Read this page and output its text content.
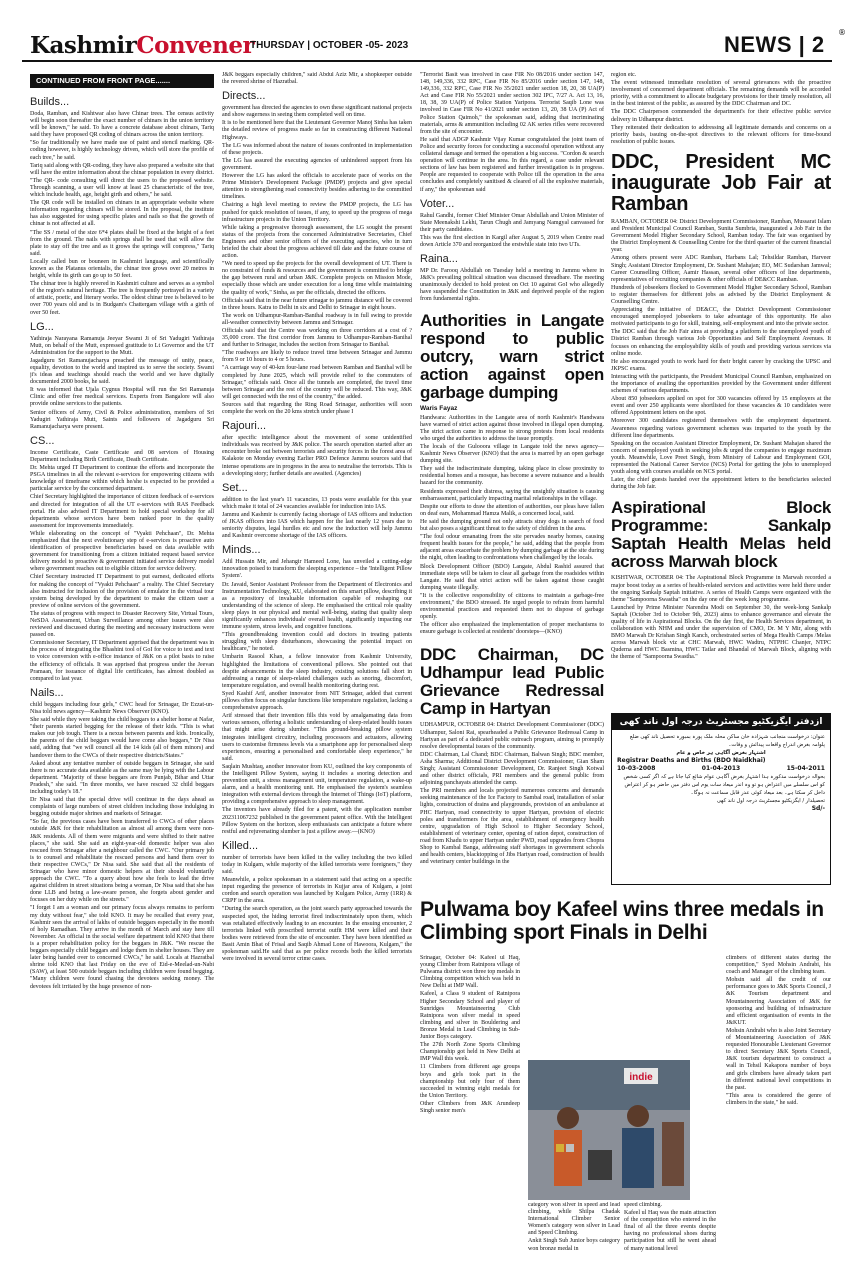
KashmirConvener
THURSDAY | OCTOBER -05- 2023	NEWS | 2 ®
CONTINUED FROM FRONT PAGE.......
Builds...

Doda, Ramban, and Kishtwar also have Chinar trees. The census activity will begin soon thereafter the exact number of chinars in the union territory will be known," he said. To have a concrete database about chinars, Tariq said they have proposed QR coding of chinars across the union territory.

"So far traditionally we have made use of paint and stencil marking. QR-coding however, is highly technology driven, which will store the profile of each tree," he said.

Tariq said along with QR-coding, they have also prepared a website site that will have the entire information about the chinar population in every district.

"The QR- code consulting will direct the users to the proposed website. Through scanning, a user will know at least 25 characteristic of the tree, which include health, age, height girth and others," he said.

The QR code will be installed on chinars in an appropriate website where information regarding chinars will be stored. In the proposal, the institute has also suggested for using specific plates and nails so that the growth of chinar is not affected at all.

"The SS / metal of the size 6*4 plates shall be fixed at the height of a feet from the ground. The nails with springs shall be used that will allow the plate to stay off the tree and as it grows the springs will compress," Tariq said.

Locally called bun or bouneen in Kashmiri language, and scientifically known as the Platanus orientalis, the chinar tree grows over 20 metres in height, while its girth can go up to 50 feet.

The chinar tree is highly revered in Kashmiri culture and serves as a symbol of the region's natural heritage. The tree is frequently portrayed in a variety of artistic, poetic, and literary works. The oldest chinar tree is believed to be over 700 years old and is in Budgam's Chattergam village with a girth of over 50 feet.

LG...

Yathiraja Narayana Ramanuja Jeeyar Swami Ji of Sri Yadugiri Yathiraja Mutt, on behalf of the Mutt, expressed gratitude to Lt Governor and the UT Administration for the support to the Mutt.

Jagadguru Sri Ramanujacharya preached the message of unity, peace, equality, devotion to the world and inspired us to serve the society. Swami ji's ideas and teachings should reach the world and we have digitally documented 2000 books, he said.

It was informed that Ujala Cygnus Hospital will run the Sri Ramanuja Clinic and offer free medical services. Experts from Bangalore will also provide online services to the patients.

Senior officers of Army, Civil & Police administration, members of Sri Yadugiri Yathiraja Mutt, Saints and followers of Jagadguru Sri Ramanujacharya were present.

CS...

Income Certificate, Caste Certificate and 08 services of Housing Department including Birth Certificate, Death Certificate.

Dr. Mehta urged IT Department to continue the efforts and incorporate the PSGA timelines in all the relevant e-services for empowering citizens with knowledge of timeframe within which he/she is expected to be provided a particular service by the concerned department.

Chief Secretary highlighted the importance of citizen feedback of e-services and directed for integration of all the UT e-services with RAS Feedback portal. He also advised IT Department to hold special workshop for all departments whose services have been ranked poor in the quality assessment for improvements immediately.

While elaborating on the concept of "Vyakti Pehchaan", Dr. Mehta emphasized that the next evolutionary step of e-services is proactive auto identification of prospective beneficiaries based on data available with government for transitioning from a citizen initiated request based service delivery model to proactive & government initiated service delivery model where government reaches out to eligible citizen for service delivery.

Chief Secretary instructed IT Department to put earnest, dedicated efforts for making the concept of "Vyakti Pehchaan" a reality. The Chief Secretary also instructed for inclusion of the provision of emulator in the virtual tour system being developed by the department to make the citizen user a preview of online services of the government.

The status of progress with respect to Disaster Recovery Site, Virtual Tours, NeSDA Assessment, Urban Surveillance among other issues were also reviewed and discussed during the meeting and necessary instructions were passed on.

Commissioner Secretary, IT Department apprised that the department was in the process of integrating the Bhashini tool of GoI for voice to text and text to voice conversion with e-office instance of J&K on a pilot basis to raise the efficiency of officials. It was apprised that progress under the Jeevan Pramaan, for issuance of digital life certificates, has almost doubled as compared to last year.

Nails...

child beggars including four girls," CWC head for Srinagar, Dr Ezzat-un-Nisa told news agency—Kashmir News Observer (KNO).

She said while they were taking the child beggars to a shelter home at Nafar, "their parents started begging for the release of their kids. "This is what makes our job tough. There is a nexus between parents and kids. Ironically, the parents of the child beggars would have come also beggars," Dr Nisa said, adding that "we will council all the 14 kids (all of them minors) and handover them to the CWCs of their respective districts/States."

Asked about any tentative number of outside beggars in Srinagar, she said there is no accurate data available as the same may be lying with the Labour department. "Majority of these beggars are from Punjab, Bihar and Uttar Pradesh," she said. "In three months, we have rescued 32 child beggars including today's 18."

Dr Nisa said that the special drive will continue in the days ahead as complaints of large numbers of street children including those indulging in begging outside major shrines and markets of Srinagar.

"So far, the previous cases have been transferred to CWCs of other places outside J&K for their rehabilitation as almost all among them were non-J&K residents. All of them were migrants and were shifted to their native places," she said. She said an eight-year-old domestic helper was also rescued from Srinagar after a neighbour called the CWC. "Our primary job is to counsel and rehabilitate the rescued persons and hand them over to their respective CWCs," Dr Nisa said. She said that all the residents of Srinagar who have minor domestic helpers at their should voluntarily approach the CWC. "To a query about how she feels to lead the drive against children in street situations being a woman, Dr Nisa said that she has done LLB and being a law-aware person, she forgets about gender and focuses on her duty while on the streets."

"I forget I am a woman and our primary focus always remains to perform my duty without fear," she told KNO. It may be recalled that every year, Kashmir sees the arrival of lakhs of outside beggars especially in the month of holy Ramadhan. They arrive in the month of March and stay here till November. An official in the social welfare department told KNO that there is a proper rehabilitation policy for the beggars in J&K. "We rescue the beggars especially child beggars and lodge them in shelter houses. They are later being handed over to concerned CWCs," he said. Locals at Hazratbal shrine told KNO that last Friday on the eve of Eid-e-Meelad-un-Nabi (SAW), at least 500 outside beggars including children were found begging. "Many children were found chasing the devotees seeking money. The devotees felt irritated by the huge presence of non-

J&K beggars especially children," said Abdul Aziz Mir, a shopkeeper outside the revered shrine of Hazratbal.

Directs...

government has directed the agencies to own these significant national projects and show eagerness in seeing them completed well on time.

It is to be mentioned here that the Lieutenant Governor Manoj Sinha has taken the detailed review of progress made so far in constructing different National Highways.

The LG was informed about the nature of issues confronted in implementation of these projects.

The LG has assured the executing agencies of unhindered support from his government.

However the LG has asked the officials to accelerate pace of works on the Prime Minister's Development Package (PMDP) projects and give special attention to strengthening road connectivity besides adhering to the committed timelines.

Chairing a high level meeting to review the PMDP projects, the LG has pushed for quick resolution of issues, if any, to speed up the progress of mega infrastructure projects in the Union Territory.

While taking a progressive thorough assessment, the LG sought the present status of the projects from the concerned Administrative Secretaries, Chief Engineers and other senior officers of the executing agencies, who in turn briefed the chair about the progress achieved till date and the future course of action.

"We need to speed up the projects for the overall development of UT. There is no constraint of funds & resources and the government is committed to bridge the gap between rural and urban J&K. Complete projects on Mission Mode, especially those which are under execution for a long time while maintaining the quality of work," Sinha, as per the officials, directed the officers.

Officials said that in the near future srinagar to jammu distance will be covered in three hours. Katra to Delhi in six and Delhi to Srinagar in eight hours.

The work on Udhampur-Ramban-Banihal roadway is in full swing to provide all-weather connectivity between Jammu and Srinagar.

Officials said that the Centre was working on three corridors at a cost of ?35,000 crore. The first corridor from Jammu to Udhampur-Ramban-Banihal and further to Srinagar, includes the section from Srinagar to Banihal.

"The roadways are likely to reduce travel time between Srinagar and Jammu from 9 or 10 hours to 4 or 5 hours.

"A carriage way of 40-km four-lane road between Ramban and Banihal will be completed by June 2025, which will provide relief to the commuters of Srinagar," officials said. Once all the tunnels are completed, the travel time between Srinagar and the rest of the country will be reduced. This way, J&K will get connected with the rest of the country," the added.

Sources said that regarding the Ring Road Srinagar, authorities will soon complete the work on the 20 kms stretch under phase I

Rajouri...

after specific intelligence about the movement of some unidentified individuals was received by J&K police. The search operation started after an encounter broke out between terrorists and security forces in the forest area of Kalakote on Monday evening Earlier PRO Defence Jammu sources said that intense operations are in progress in the area to neutralise the terrorists. This is a developing story; further details are awaited. (Agencies)

Set...

addition to the last year's 11 vacancies, 13 posts were available for this year which make it total of 24 vacancies available for induction into IAS.

Jammu and Kashmir is currently facing shortage of IAS officers and induction of JKAS officers into IAS which happen for the last nearly 12 years due to seniority disputes, legal hurdles etc and now the induction will help Jammu and Kashmir overcome shortage of the IAS officers.

Minds...

Adil Hussain Mir, and Jehangir Hameed Lone, has unveiled a cutting-edge innovation poised to transform the sleeping experience – the 'Intelligent Pillow System'.

Dr. Javaid, Senior Assistant Professor from the Department of Electronics and Instrumentation Technology, KU, elaborated on this smart pillow, describing it as a repository of invaluable information capable of reshaping our understanding of the science of sleep. He emphasised the critical role quality sleep plays in our physical and mental well-being, stating that quality sleep significantly enhances individuals' overall health, significantly impacting our immune system, stress levels, and cognitive functions.

"This groundbreaking invention could aid doctors in treating patients struggling with sleep disturbances, showcasing the potential impact on healthcare," he noted.

Umbarin Rasool Khan, a fellow innovator from Kashmir University, highlighted the limitations of conventional pillows. She pointed out that despite advancements in the sleep industry, existing solutions fall short in addressing a range of sleep-related challenges such as snoring, discomfort, temperature regulation, and overall health monitoring during rest.

Syed Kashif Arif, another innovator from NIT Srinagar, added that current pillows often focus on singular functions like temperature regulation, lacking a comprehensive approach.

Arif stressed that their invention fills this void by amalgamating data from various sensors, offering a holistic understanding of sleep-related health issues that might arise during slumber. "This ground-breaking pillow system integrates intelligent circuitry, including processors and actuators, allowing users to customise firmness levels via a smartphone app for personalised sleep experiences, ensuring a personalised and comfortable sleep experience," he said.

Saqlain Mushtaq, another innovator from KU, outlined the key components of the Intelligent Pillow System, saying it includes a snoring detection and prevention unit, a stress management unit, temperature regulation, a wake-up alarm, and a health monitoring unit. He emphasised the system's seamless integration with external devices through the Internet of Things (IoT) platform, providing a comprehensive approach to sleep management.

The inventors have already filed for a patent, with the application number 202311067232 published in the government patent office. With the Intelligent Pillow System on the horizon, sleep enthusiasts can anticipate a future where restful and rejuvenating slumber is just a pillow away.—(KNO)

Killed...

number of terrorists have been killed in the valley including the two killed today in Kulgam, while majority of the killed terrorists were foreigners," they said.

Meanwhile, a police spokesman in a statement said that acting on a specific input regarding the presence of terrorists in Kujjar area of Kulgam, a joint cordon and search operation was launched by Kulgam Police, Army (1RR) & CRPF in the area.

"During the search operation, as the joint search party approached towards the suspected spot, the hiding terrorist fired indiscriminately upon them, which was retaliated effectively leading to an encounter. In the ensuing encounter, 2 terrorists linked with proscribed terrorist outfit HM were killed and their bodies were retrieved from the site of encounter. They have been identified as Basit Amin Bhat of Frisal and Saqib Ahmad Lone of Hawoora, Kulgam," the spokesman said.He said that as per police records both the killed terrorists were involved in several terror crime cases.

"Terrorist Basit was involved in case FIR No 08/2016 under section 147, 148, 149,336, 332 RPC, Case FIR No 85/2016 under section 147, 148, 149,336, 332 RPC, Case FIR No 35/2021 under section 18, 20, 38 UA(P) Act and Case FIR No 55/2021 under section 302 IPC, 7/27 A. Act 13, 16, 18, 38, 39 UA(P) of Police Station Yaripora. Terrorist Saqib Lone was involved in Case FIR No 41/2021 under section 13, 20, 38 UA (P) Act of Police Station Qaimoh," the spokesman said, adding that incriminating materials, arms & ammunition including 02 AK series rifles were recovered from the site of encounter.

He said that ADGP Kashmir Vijay Kumar congratulated the joint team of Police and security forces for conducting a successful operation without any collateral damage and termed the operation a big success. "Cordon & search operation will continue in the area. In this regard, a case under relevant sections of law has been registered and further investigation is in progress. People are requested to cooperate with Police till the operation in the area concludes and completely sanitised & cleared of all the explosive materials, if any," the spokesman said

Voter...

Rahul Gandhi, former Chief Minister Omar Abdullah and Union Minister of State Meenakshi Lekhi, Tarun Chugh and Jamyang Namgyal canvassed for their party candidates.

This was the first election in Kargil after August 5, 2019 when Centre read down Article 370 and reorganized the erstwhile state into two UTs.

Raina...

MP Dr. Farooq Abdullah on Tuesday held a meeting in Jammu where in J&K's prevailing political situation was discussed threadbare. The meeting unanimously decided to hold protest on Oct 10 against GoI who allegedly have suspended the Constitution in J&K and deprived people of the region from fundamental rights.

Authorities in Langate respond to public outcry, warn strict action against open garbage dumping
Waris Fayaz

Handwara: Authorities in the Langate area of north Kashmir's Handwara have warned of strict action against those involved in illegal open dumping. The strict action came in response to strong protests from local residents who urged the authorities to address the issue promptly.

The locals of the Gulooora village in Langate told the news agency—Kashmir News Observer (KNO) that the area is marred by an open garbage dumping site.

They said the indiscriminate dumping, taking place in close proximity to residential homes and a mosque, has become a severe nuisance and a health hazard for the community.

Residents expressed their distress, saying the unsightly situation is causing embarrassment, particularly impacting marital relationships in the village.

Despite our efforts to draw the attention of authorities, our pleas have fallen on deaf ears, Mohammad Hamza Malik, a concerned local, said.

He said the dumping ground not only attracts stray dogs in search of food but also poses a significant threat to the safety of children in the area.

"The foul odour emanating from the site pervades nearby homes, causing frequent health issues for the people," he said, adding that the people from adjacent areas exacerbate the problem by dumping garbage at the site during the night, often leading to confrontations when challenged by the locals.

Block Development Officer (BDO) Langate, Abdul Rashid assured that immediate steps will be taken to clear all garbage from the roadsides within Langate. He said that strict action will be taken against those caught dumping waste illegally.

"It is the collective responsibility of citizens to maintain a garbage-free environment," the BDO stressed. He urged people to refrain from harmful environmental practices and requested them not to dispose of garbage openly.

The officer also emphasized the implementation of proper mechanisms to ensure garbage is collected at residents' doorsteps—(KNO)

DDC Chairman, DC Udhampur lead Public Grievance Redressal Camp in Hartyan

UDHAMPUR, OCTOBER 04: District Development Commissioner (DDC) Udhampur, Saloni Rai, spearheaded a Public Grievance Redressal Camp in Hartyan as part of a dedicated public outreach program, aiming to promptly resolve developmental issues of the community.

DDC Chairman, Lal Chand; BDC Chairman, Balwan Singh; BDC member, Asha Sharma; Additional District Development Commissioner, Gian Sham Singh; Assistant Commissioner Development, Dr. Ranjeet Singh Kotwal and other district officials, PRI members and the general public from adjoining panchayats attended the camp.

The PRI members and locals projected numerous concerns and demands seeking maintenance of the Ice Factory to Sambal road, installation of solar lights, construction of drains and playgrounds, provision of an ambulance at PHC Hartyan, road connectivity to upper Hartyan, provision of electric poles and transformers for the area, establishment of emergency health centre, upgradation of High School to Higher Secondary School, establishment of veterinary center, opening of ration depot, construction of road from Khadu to upper Hartyan under PWD, road upgrades from Chopra Shop to Kambal Banga, addressing staff shortages in government schools and health centers, blacktopping of Jibs Hartyan road, construction of health and veterinary center buildings in the

region etc.

The event witnessed immediate resolution of several grievances with the proactive involvement of concerned department officials. The remaining demands will be accorded priority, with a commitment to allocate budgetary provisions for their timely resolution, all in the best interest of the public, as assured by the DDC Chairman and DC.

The DDC Chairperson commended the department's for their effective public service delivery in Udhampur district.

They reiterated their dedication to addressing all legitimate demands and concerns on a priority basis, issuing on-the-spot directives to the relevant officers for time-bound resolution of public issues.

DDC, President MC inaugurate Job Fair at Ramban

RAMBAN, OCTOBER 04: District Development Commissioner, Ramban, Mussarat Islam and President Municipal Council Ramban, Sunita Sumbria, inaugurated a Job Fair in the Government Model Higher Secondary School, Ramban today. The fair was organised by the District Employment & Counselling Centre for the third quarter of the current financial year.

Among others present were ADC Ramban, Harbans Lal; Tehsildar Ramban, Harveer Singh; Assistant Director Employment, Dr. Sushant Mahajan; EO, MC Sudarshan Jamwal; Career Counselling Officer, Aamir Hassan, several other officers of line departments, representatives of recruiting companies & other officials of DE&CC Ramban.

Hundreds of jobseekers flocked to Government Model Higher Secondary School, Ramban to register themselves for different jobs as advised by the District Employment & Counselling Centre.

Appreciating the initiative of DE&CC, the District Development Commissioner encouraged unemployed jobseekers to take advantage of this opportunity. He also motivated participants to go for skill, training, self-employment and into the private sector.

The DDC said that the Job Fair aims at providing a platform to the unemployed youth of District Ramban through various Job Opportunities and Self Employment Avenues. It focuses on enhancing the employability skills of youth and providing various services via online mode.

He also encouraged youth to work hard for their bright career by cracking the UPSC and JKPSC exams.

Interacting with the participants, the President Municipal Council Ramban, emphasized on the importance of availing the opportunities provided by the Government under different schemes of various departments.

About 850 jobseekers applied on spot for 300 vacancies offered by 15 employers at the event and over 250 applicants were shortlisted for these vacancies & 10 candidates were offered Appointment letters on the spot.

Moreover 300 candidates registered themselves with the employment department. Awareness regarding various government schemes was imparted to the youth by the different line departments.

Speaking on the occasion Assistant Director Employment, Dr. Sushant Mahajan shared the concern of unemployed youth in seeking jobs & urged the companies to engage maximum youth. Meanwhile, Love Preet Singh, from Ministry of Labour and Employment GOI, represented the National Career Service (NCS) Portal for getting the jobs to unemployed youth along with courses available on NCS portal.

Later, the chief guests handed over the appointment letters to the beneficiaries selected during the Job fair.

Aspirational Block Programme: Sankalp Saptah Health Melas held across Marwah block

KISHTWAR, OCTOBER 04: The Aspirational Block Programme in Marwah recorded a major boost today as a series of health-related services and activities were held there under the ongoing Sankalp Saptah initiative. A series of Health Camps were organized with the theme "Sampoorna Swastha" on the day one of the week long programme.

Launched by Prime Minister Narendra Modi on September 30, the week-long Sankalp Saptah (October 3rd to October 9th, 2023) aims to enhance governance and elevate the quality of life in Aspirational Blocks. On the day first, the Health Services department, in collaboration with NHM and under the supervision of CMO, Dr. M Y Mir, along with BMO Marwah Dr Krishan Singh Kanch, orchestrated series of Mega Health Camps /Melas across Marwah block viz at CHC Marwah, HWC Wadtru, NTPHC Chanjer, NTPC Quderna and HWC Basmina, HWC Tatlar and Bhandal of Marwah Block, aligning with the theme of "Sampoorna Swastha."

ازدفتر ایگزیکٹیو مجسٹریٹ درجہ اول ناند کھی
عنوان: درخواست منجانب شہزادہ خان ساکن محلہ ملک پورہ بمبورہ تحصیل ناند کھی ضلع پلوامہ بغرض اندراج واقعات پیدائش و وفات۔
اشتہار بغرض آگاہی ہر خاص و عام
Registrar Deaths and Births (BDO Naidkhai)
10-03-2008	01-04-2013	15-04-2011
بحوالہ درخواست مذکورہ ہذا اشتہار بغرض آگاہی عوام شائع کیا جاتا ہے کہ اگر کسی شخص کو اس سلسلے میں اعتراض ہو تو وہ اندر میعاد سات یوم اس دفتر میں حاضر ہو کر اعتراض داخل کر سکتا ہے۔ بعد میعاد کوئی عذر قابل سماعت نہ ہوگا۔
تحصیلدار / ایگزیکٹیو مجسٹریٹ درجہ اول ناند کھی
Sd/-
Pulwama boy Kafeel wins three medals in Climbing sport Finals in Delhi

Srinagar, October 04: Kafeel ul Haq, young Climber from Ratnipora village of Pulwama district won three top medals in Climbing competition which was held in New Delhi at IMP Wall.

Kafeel, a Class 9 student of Ratnipora Higher Secondary School and player of Sunridges Mountaineering Club Ratnipora won silver medal in speed climbing and silver in Bouldering and Bronze Medal in Lead Climbing in Sub-Junior Boys category.

The 27th North Zone Sports Climbing Championship got held in New Delhi at IMP Wall this week.

11 Climbers from different age groups boys and girls took part in the championship but only four of them succeeded in winning eight medals for the Union Territory.

Other Climbers from J&K Arundeep Singh senior men's

indie

category won silver in speed and lead climbing, while Shilpa Chadak International Climber Senior Women's category won silver in Lead and Speed Climbing.

Ankit Singh Sub Junior boys category won bronze medal in

speed climbing.

Kafeel ul Haq was the main attraction of the competition who entered in the final of all the three events despite having no professional shoes during participation but still he went ahead of many national level

climbers of different states during the competition," Syed Mohsin Andrabi, his coach and Manager of the climbing team.

Mohsin said all the credit of our performance goes to J&K Sports Council, J &K Tourism department and Mountaineering Association of J&K for sponsoring and building of infrastructure and efficient organisation of events in the J&KUT.

Mohsin Andrabi who is also Joint Secretary of Mountaineering Association of J&K requested Honourable Lieutenant Governor to direct Secretary J&K Sports Council, J&K tourism department to construct a wall in Tehsil Kakapora number of boys and girls climbers have already taken part in different national level competitions in the past.

"This area is considered the genre of climbers in the state," he said.
